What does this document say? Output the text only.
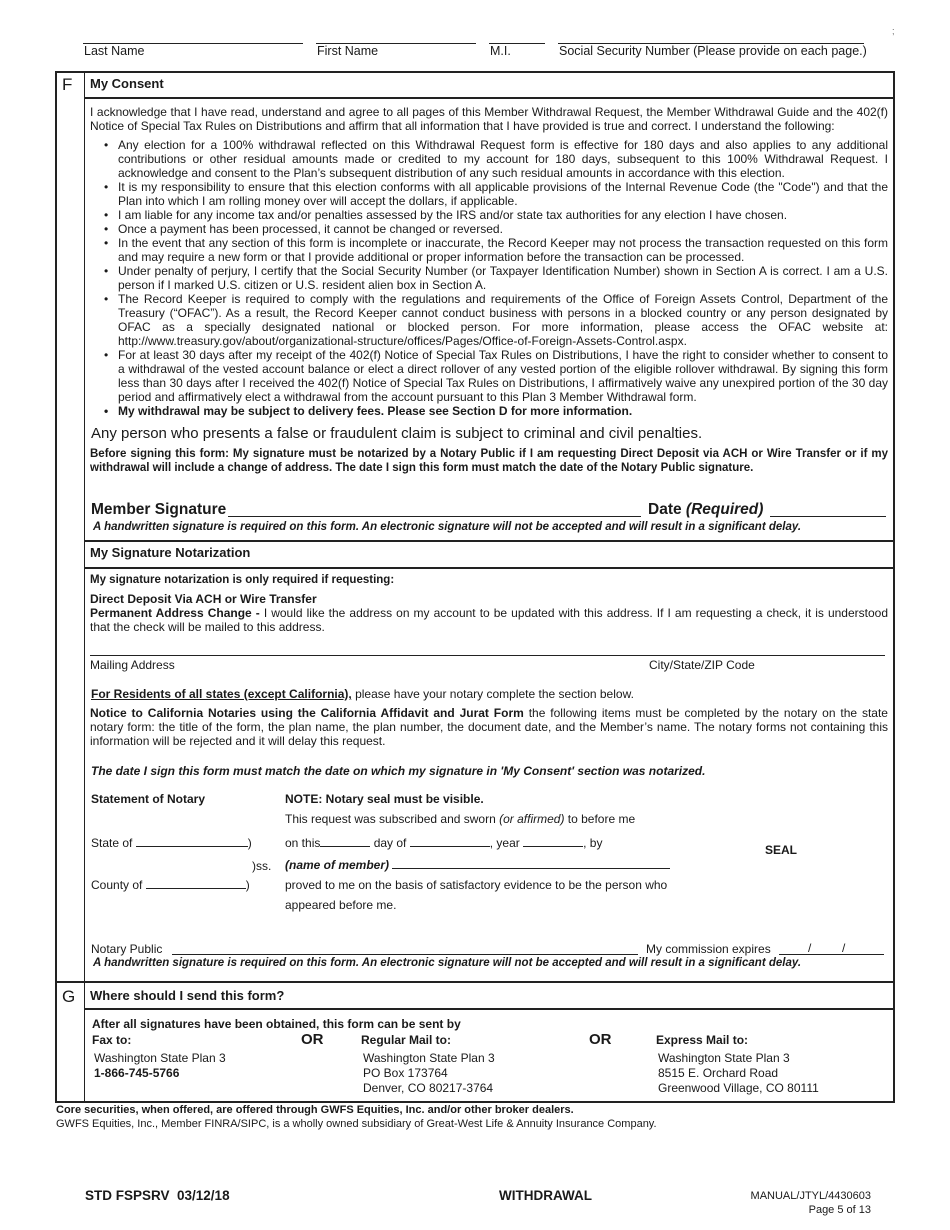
Last Name	First Name	M.I.	Social Security Number (Please provide on each page.)
;
F My Consent
I acknowledge that I have read, understand and agree to all pages of this Member Withdrawal Request, the Member Withdrawal Guide and the 402(f) Notice of Special Tax Rules on Distributions and affirm that all information that I have provided is true and correct. I understand the following:
• Any election for a 100% withdrawal reflected on this Withdrawal Request form is effective for 180 days and also applies to any additional contributions or other residual amounts made or credited to my account for 180 days, subsequent to this 100% Withdrawal Request. I acknowledge and consent to the Plan’s subsequent distribution of any such residual amounts in accordance with this election.
• It is my responsibility to ensure that this election conforms with all applicable provisions of the Internal Revenue Code (the "Code") and that the Plan into which I am rolling money over will accept the dollars, if applicable.
• I am liable for any income tax and/or penalties assessed by the IRS and/or state tax authorities for any election I have chosen.
• Once a payment has been processed, it cannot be changed or reversed.
• In the event that any section of this form is incomplete or inaccurate, the Record Keeper may not process the transaction requested on this form and may require a new form or that I provide additional or proper information before the transaction can be processed.
• Under penalty of perjury, I certify that the Social Security Number (or Taxpayer Identification Number) shown in Section A is correct. I am a U.S. person if I marked U.S. citizen or U.S. resident alien box in Section A.
• The Record Keeper is required to comply with the regulations and requirements of the Office of Foreign Assets Control, Department of the Treasury (“OFAC”). As a result, the Record Keeper cannot conduct business with persons in a blocked country or any person designated by OFAC as a specially designated national or blocked person. For more information, please access the OFAC website at: http://www.treasury.gov/about/organizational-structure/offices/Pages/Office-of-Foreign-Assets-Control.aspx.
• For at least 30 days after my receipt of the 402(f) Notice of Special Tax Rules on Distributions, I have the right to consider whether to consent to a withdrawal of the vested account balance or elect a direct rollover of any vested portion of the eligible rollover withdrawal. By signing this form less than 30 days after I received the 402(f) Notice of Special Tax Rules on Distributions, I affirmatively waive any unexpired portion of the 30 day period and affirmatively elect a withdrawal from the account pursuant to this Plan 3 Member Withdrawal form.
• My withdrawal may be subject to delivery fees. Please see Section D for more information.
Any person who presents a false or fraudulent claim is subject to criminal and civil penalties.
Before signing this form: My signature must be notarized by a Notary Public if I am requesting Direct Deposit via ACH or Wire Transfer or if my withdrawal will include a change of address. The date I sign this form must match the date of the Notary Public signature.
Member Signature	Date (Required)
A handwritten signature is required on this form. An electronic signature will not be accepted and will result in a significant delay.
My Signature Notarization
My signature notarization is only required if requesting:
Direct Deposit Via ACH or Wire Transfer
Permanent Address Change - I would like the address on my account to be updated with this address. If I am requesting a check, it is understood that the check will be mailed to this address.
Mailing Address	City/State/ZIP Code
For Residents of all states (except California), please have your notary complete the section below.
Notice to California Notaries using the California Affidavit and Jurat Form the following items must be completed by the notary on the state notary form: the title of the form, the plan name, the plan number, the document date, and the Member’s name. The notary forms not containing this information will be rejected and it will delay this request.
The date I sign this form must match the date on which my signature in 'My Consent' section was notarized.
Statement of Notary	NOTE: Notary seal must be visible.
This request was subscribed and sworn (or affirmed) to before me
State of	)	on this	day of	, year	, by	SEAL
)ss. (name of member)
County of	)	proved to me on the basis of satisfactory evidence to be the person who
appeared before me.
Notary Public	My commission expires	/	/
A handwritten signature is required on this form. An electronic signature will not be accepted and will result in a significant delay.
G Where should I send this form?
After all signatures have been obtained, this form can be sent by
Fax to:	OR	Regular Mail to:	OR	Express Mail to:
Washington State Plan 3
1-866-745-5766
Washington State Plan 3
PO Box 173764
Denver, CO 80217-3764
Washington State Plan 3
8515 E. Orchard Road
Greenwood Village, CO 80111
Core securities, when offered, are offered through GWFS Equities, Inc. and/or other broker dealers.
GWFS Equities, Inc., Member FINRA/SIPC, is a wholly owned subsidiary of Great-West Life & Annuity Insurance Company.
STD FSPSRV  03/12/18	WITHDRAWAL	MANUAL/JTYL/4430603
Page 5 of 13
